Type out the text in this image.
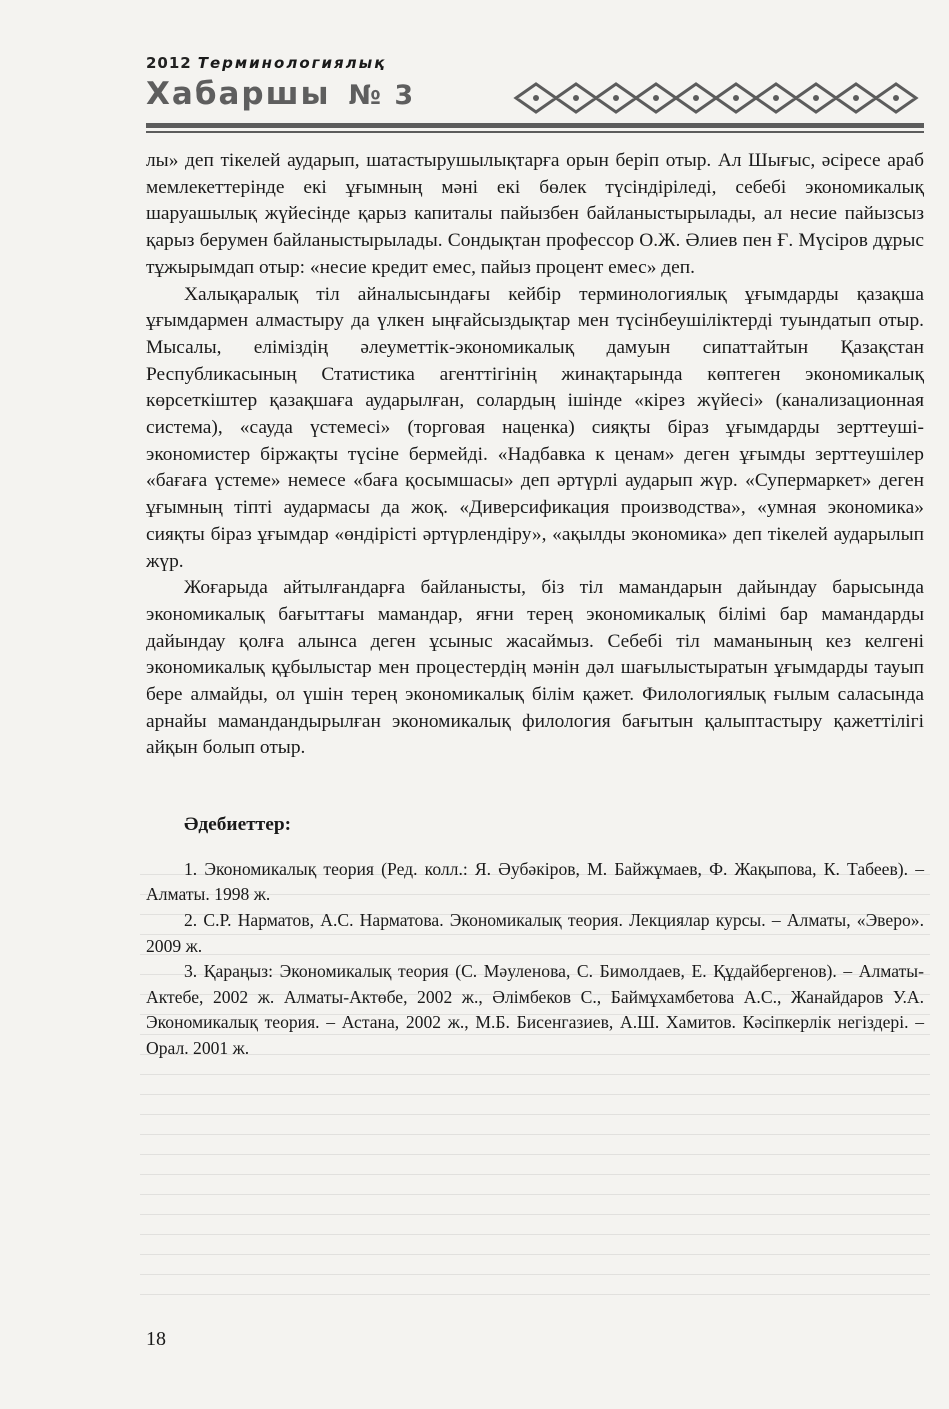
2012 Терминологиялық
Хабаршы № 3

лы» деп тікелей аударып, шатастырушылықтарға орын беріп отыр. Ал Шығыс, әсіресе араб мемлекеттерінде екі ұғымның мәні екі бөлек түсіндіріледі, себебі экономикалық шаруашылық жүйесінде қарыз капиталы пайызбен байланыстырылады, ал несие пайызсыз қарыз берумен байланыстырылады. Сондықтан профессор О.Ж. Әлиев пен Ғ. Мүсіров дұрыс тұжырымдап отыр: «несие кредит емес, пайыз процент емес» деп.

Халықаралық тіл айналысындағы кейбір терминологиялық ұғымдарды қазақша ұғымдармен алмастыру да үлкен ыңғайсыздықтар мен түсінбеушіліктерді туындатып отыр. Мысалы, еліміздің әлеуметтік-экономикалық дамуын сипаттайтын Қазақстан Республикасының Статистика агенттігінің жинақтарында көптеген экономикалық көрсеткіштер қазақшаға аударылған, солардың ішінде «кірез жүйесі» (канализационная система), «сауда үстемесі» (торговая наценка) сияқты біраз ұғымдарды зерттеуші-экономистер біржақты түсіне бермейді. «Надбавка к ценам» деген ұғымды зерттеушілер «бағаға үстеме» немесе «баға қосымшасы» деп әртүрлі аударып жүр. «Супермаркет» деген ұғымның тіпті аудармасы да жоқ. «Диверсификация производства», «умная экономика» сияқты біраз ұғымдар «өндірісті әртүрлендіру», «ақылды экономика» деп тікелей аударылып жүр.

Жоғарыда айтылғандарға байланысты, біз тіл мамандарын дайындау барысында экономикалық бағыттағы мамандар, яғни терең экономикалық білімі бар мамандарды дайындау қолға алынса деген ұсыныс жасаймыз. Себебі тіл маманының кез келгені экономикалық құбылыстар мен процестердің мәнін дәл шағылыстыратын ұғымдарды тауып бере алмайды, ол үшін терең экономикалық білім қажет. Филологиялық ғылым саласында арнайы мамандандырылған экономикалық филология бағытын қалыптастыру қажеттілігі айқын болып отыр.

Әдебиеттер:

1. Экономикалық теория (Ред. колл.: Я. Әубәкіров, М. Байжұмаев, Ф. Жақыпова, К. Табеев). – Алматы. 1998 ж.

2. С.Р. Нарматов, А.С. Нарматова. Экономикалық теория. Лекциялар курсы. – Алматы, «Эверо». 2009 ж.

3. Қараңыз: Экономикалық теория (С. Мәуленова, С. Бимолдаев, Е. Құдайбергенов). – Алматы-Актебе, 2002 ж. Алматы-Актөбе, 2002 ж., Әлімбеков С., Баймұхамбетова А.С., Жанайдаров У.А. Экономикалық теория. – Астана, 2002 ж., М.Б. Бисенгазиев, А.Ш. Хамитов. Кәсіпкерлік негіздері. – Орал. 2001 ж.

18
